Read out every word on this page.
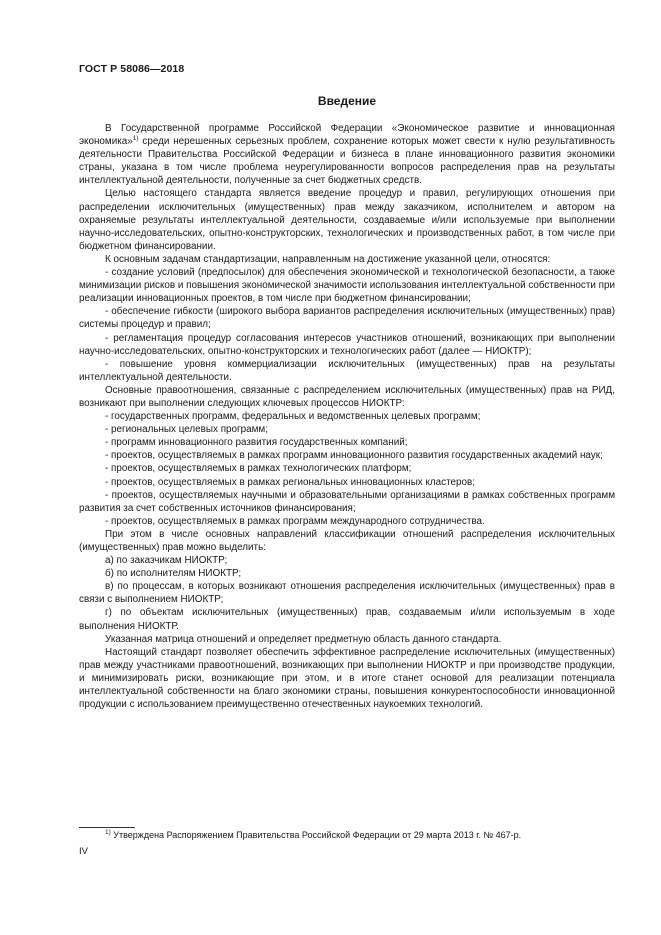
ГОСТ Р 58086—2018
Введение

В Государственной программе Российской Федерации «Экономическое развитие и инновационная экономика»$^{1)}$ среди нерешенных серьезных проблем, сохранение которых может свести к нулю результативность деятельности Правительства Российской Федерации и бизнеса в плане инновационного развития экономики страны, указана в том числе проблема неурегулированности вопросов распределения прав на результаты интеллектуальной деятельности, полученные за счет бюджетных средств.

Целью настоящего стандарта является введение процедур и правил, регулирующих отношения при распределении исключительных (имущественных) прав между заказчиком, исполнителем и автором на охраняемые результаты интеллектуальной деятельности, создаваемые и/или используемые при выполнении научно-исследовательских, опытно-конструкторских, технологических и производственных работ, в том числе при бюджетном финансировании.

К основным задачам стандартизации, направленным на достижение указанной цели, относятся:

- создание условий (предпосылок) для обеспечения экономической и технологической безопасности, а также минимизации рисков и повышения экономической значимости использования интеллектуальной собственности при реализации инновационных проектов, в том числе при бюджетном финансировании;

- обеспечение гибкости (широкого выбора вариантов распределения исключительных (имущественных) прав) системы процедур и правил;

- регламентация процедур согласования интересов участников отношений, возникающих при выполнении научно-исследовательских, опытно-конструкторских и технологических работ (далее — НИОКТР);

- повышение уровня коммерциализации исключительных (имущественных) прав на результаты интеллектуальной деятельности.

Основные правоотношения, связанные с распределением исключительных (имущественных) прав на РИД, возникают при выполнении следующих ключевых процессов НИОКТР:

- государственных программ, федеральных и ведомственных целевых программ;

- региональных целевых программ;

- программ инновационного развития государственных компаний;

- проектов, осуществляемых в рамках программ инновационного развития государственных академий наук;

- проектов, осуществляемых в рамках технологических платформ;

- проектов, осуществляемых в рамках региональных инновационных кластеров;

- проектов, осуществляемых научными и образовательными организациями в рамках собственных программ развития за счет собственных источников финансирования;

- проектов, осуществляемых в рамках программ международного сотрудничества.

При этом в числе основных направлений классификации отношений распределения исключительных (имущественных) прав можно выделить:

а) по заказчикам НИОКТР;

б) по исполнителям НИОКТР;

в) по процессам, в которых возникают отношения распределения исключительных (имущественных) прав в связи с выполнением НИОКТР;

г) по объектам исключительных (имущественных) прав, создаваемым и/или используемым в ходе выполнения НИОКТР.

Указанная матрица отношений и определяет предметную область данного стандарта.

Настоящий стандарт позволяет обеспечить эффективное распределение исключительных (имущественных) прав между участниками правоотношений, возникающих при выполнении НИОКТР и при производстве продукции, и минимизировать риски, возникающие при этом, и в итоге станет основой для реализации потенциала интеллектуальной собственности на благо экономики страны, повышения конкурентоспособности инновационной продукции с использованием преимущественно отечественных наукоемких технологий.

$^{1)}$ Утверждена Распоряжением Правительства Российской Федерации от 29 марта 2013 г. № 467-р.
IV
